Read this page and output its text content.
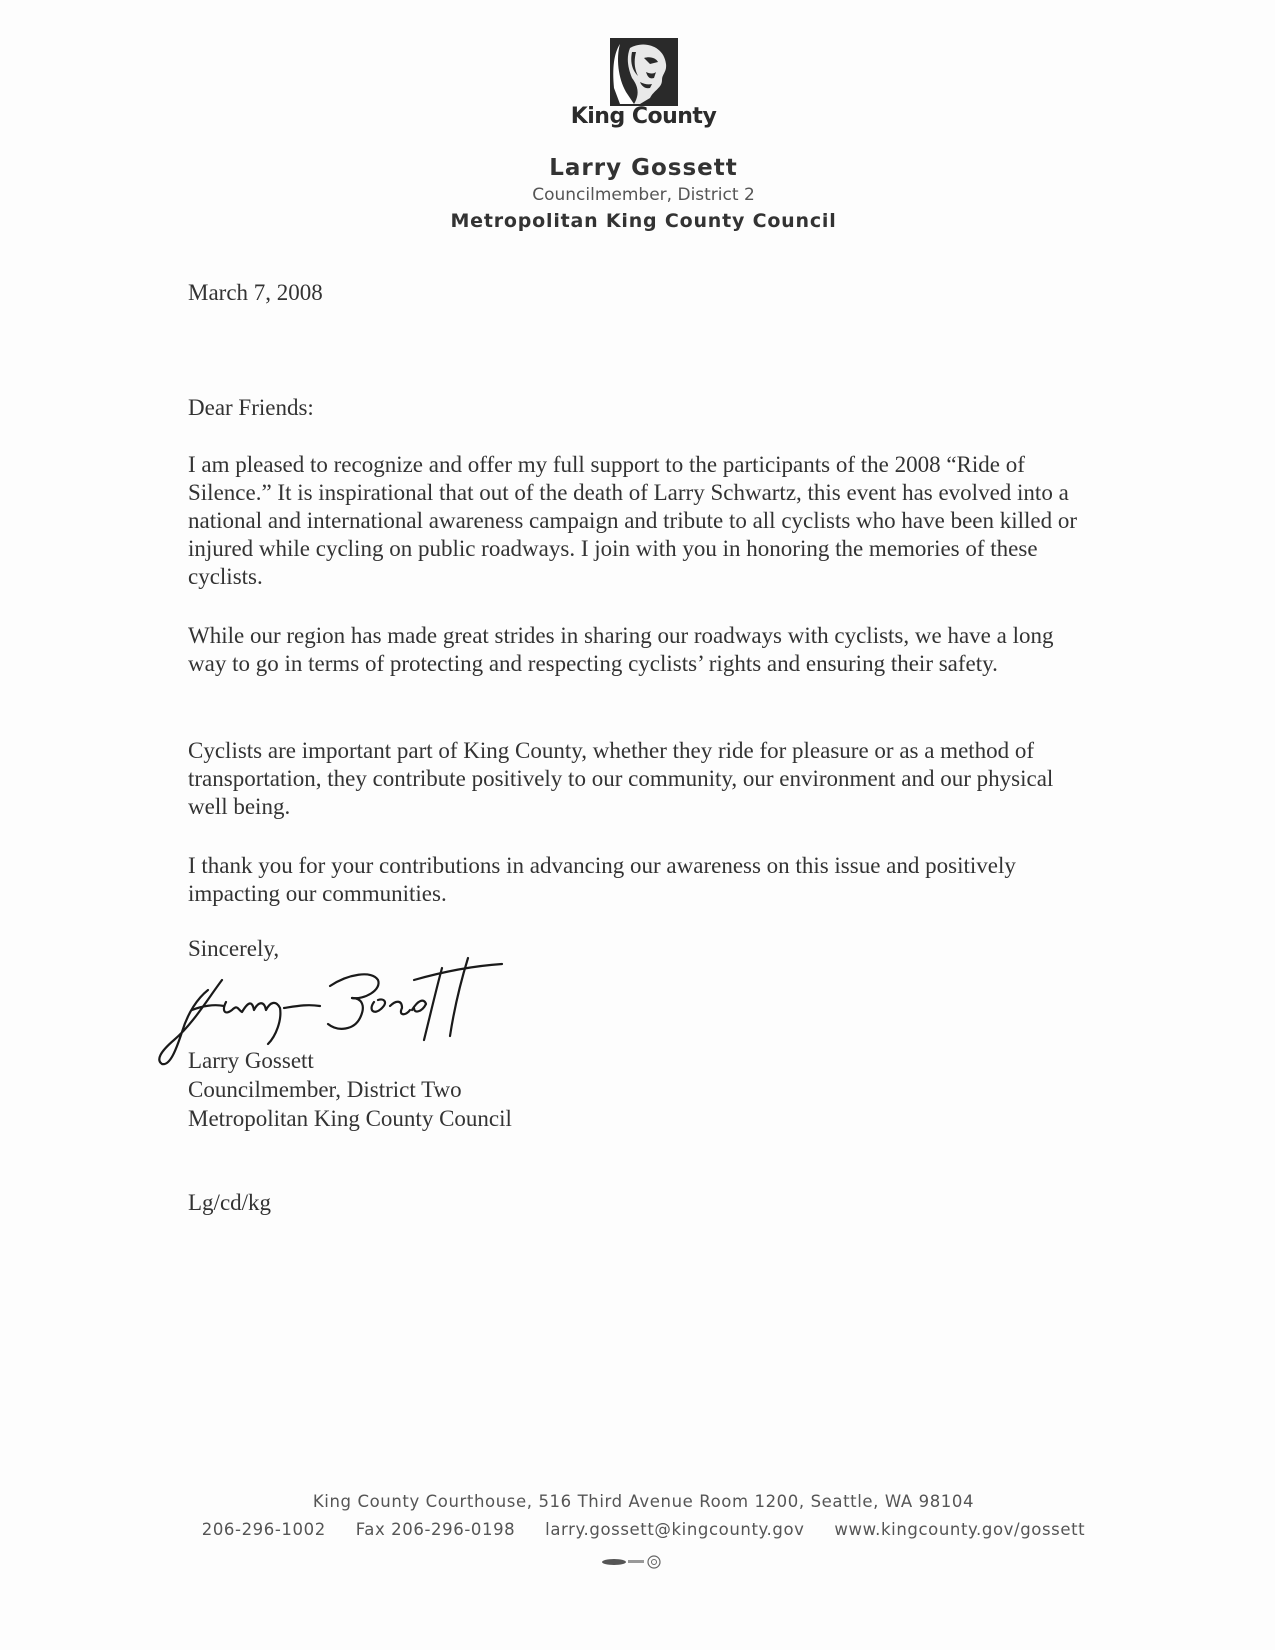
King County
Larry Gossett
Councilmember, District 2
Metropolitan King County Council
March 7, 2008
Dear Friends:

I am pleased to recognize and offer my full support to the participants of the 2008 “Ride of Silence.” It is inspirational that out of the death of Larry Schwartz, this event has evolved into a national and international awareness campaign and tribute to all cyclists who have been killed or injured while cycling on public roadways. I join with you in honoring the memories of these cyclists.

While our region has made great strides in sharing our roadways with cyclists, we have a long way to go in terms of protecting and respecting cyclists’ rights and ensuring their safety.

Cyclists are important part of King County, whether they ride for pleasure or as a method of transportation, they contribute positively to our community, our environment and our physical well being.

I thank you for your contributions in advancing our awareness on this issue and positively impacting our communities.

Sincerely,
Larry Gossett
Councilmember, District Two
Metropolitan King County Council
Lg/cd/kg
King County Courthouse, 516 Third Avenue Room 1200, Seattle, WA 98104
206-296-1002 Fax 206-296-0198 larry.gossett@kingcounty.gov www.kingcounty.gov/gossett
